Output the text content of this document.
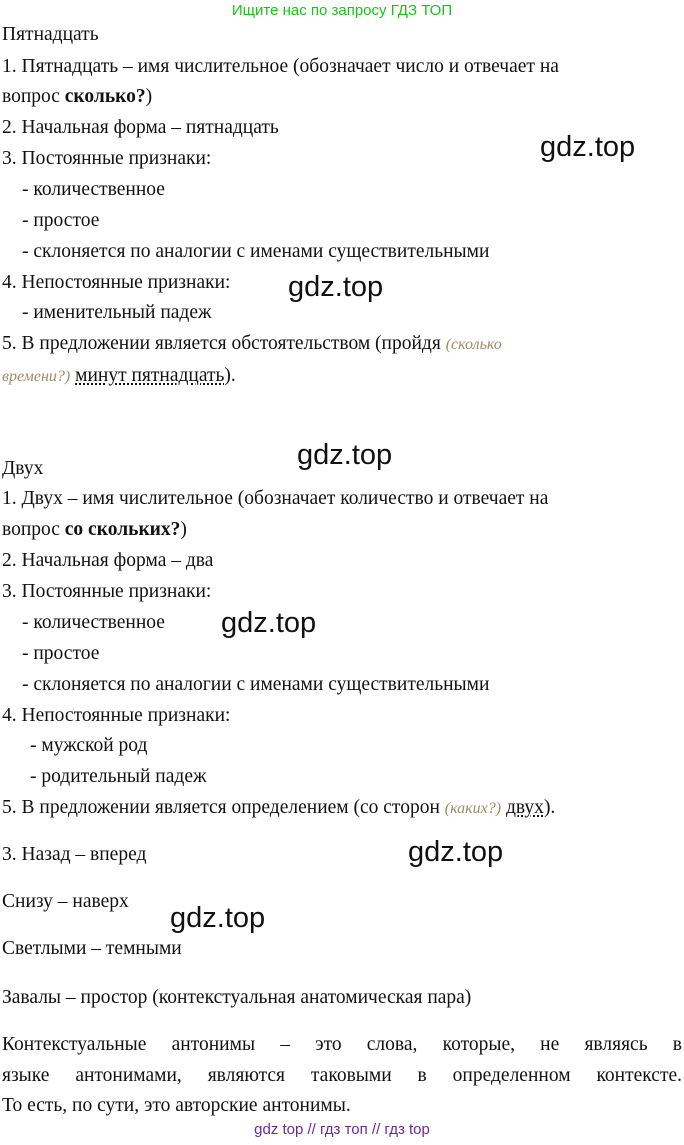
Ищите нас по запросу ГДЗ ТОП
Пятнадцать
1. Пятнадцать – имя числительное (обозначает число и отвечает на
вопрос сколько?)
2. Начальная форма – пятнадцать
3. Постоянные признаки:
- количественное
- простое
- склоняется по аналогии с именами существительными
4. Непостоянные признаки:
- именительный падеж
5. В предложении является обстоятельством (пройдя (сколько
времени?) минут пятнадцать).
Двух
1. Двух – имя числительное (обозначает количество и отвечает на
вопрос со скольких?)
2. Начальная форма – два
3. Постоянные признаки:
- количественное
- простое
- склоняется по аналогии с именами существительными
4. Непостоянные признаки:
- мужской род
- родительный падеж
5. В предложении является определением (со сторон (каких?) двух).
3. Назад – вперед
Снизу – наверх
Светлыми – темными
Завалы – простор (контекстуальная анатомическая пара)
Контекстуальные антонимы – это слова, которые, не являясь в
языке антонимами, являются таковыми в определенном контексте.
То есть, по сути, это авторские антонимы.
gdz.top
gdz.top
gdz.top
gdz.top
gdz.top
gdz.top
gdz top // гдз топ // гдз top
